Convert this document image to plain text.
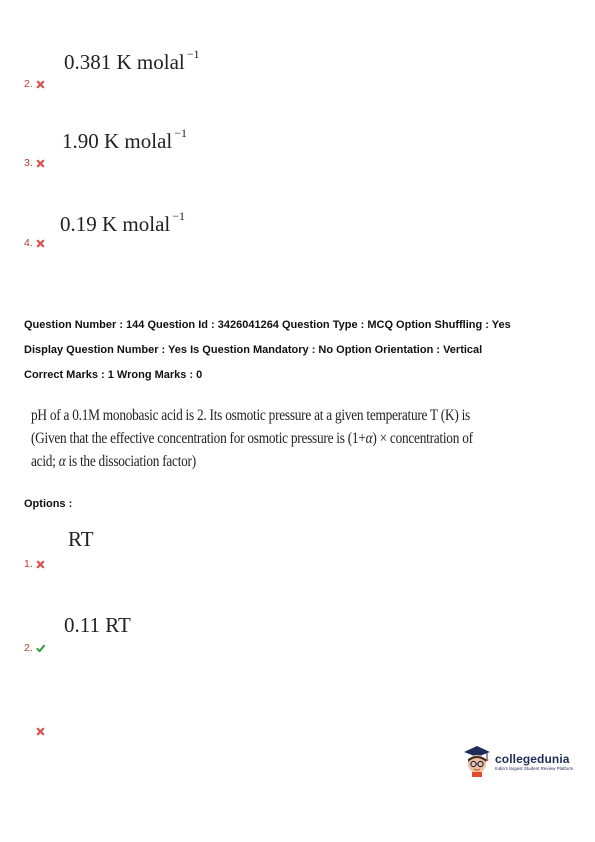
0.381 K molal $^{-1}$
2.
1.90 K molal $^{-1}$
3.
0.19 K molal $^{-1}$
4.
Question Number : 144 Question Id : 3426041264 Question Type : MCQ Option Shuffling : Yes
Display Question Number : Yes Is Question Mandatory : No Option Orientation : Vertical
Correct Marks : 1 Wrong Marks : 0
pH of a 0.1M monobasic acid is 2. Its osmotic pressure at a given temperature T (K) is
(Given that the effective concentration for osmotic pressure is (1+α) × concentration of
acid; α is the dissociation factor)
Options :
RT
1.
0.11 RT
2.
collegedunia
India's largest Student Review Platform
